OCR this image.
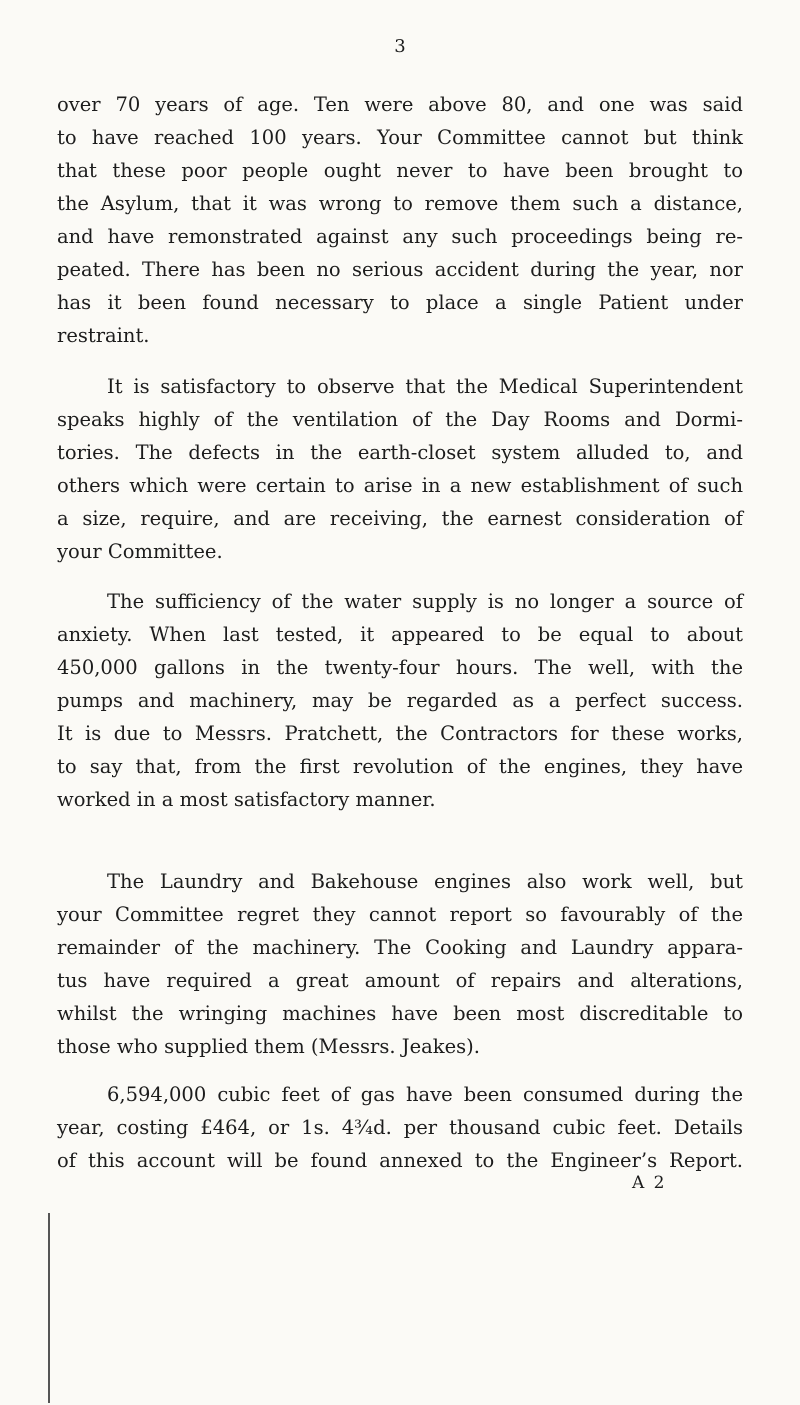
3
over 70 years of age. Ten were above 80, and one was said
to have reached 100 years. Your Committee cannot but think
that these poor people ought never to have been brought to
the Asylum, that it was wrong to remove them such a distance,
and have remonstrated against any such proceedings being re-
peated. There has been no serious accident during the year, nor
has it been found necessary to place a single Patient under
restraint.
It is satisfactory to observe that the Medical Superintendent
speaks highly of the ventilation of the Day Rooms and Dormi-
tories. The defects in the earth-closet system alluded to, and
others which were certain to arise in a new establishment of such
a size, require, and are receiving, the earnest consideration of
your Committee.
The sufficiency of the water supply is no longer a source of
anxiety. When last tested, it appeared to be equal to about
450,000 gallons in the twenty-four hours. The well, with the
pumps and machinery, may be regarded as a perfect success.
It is due to Messrs. Pratchett, the Contractors for these works,
to say that, from the first revolution of the engines, they have
worked in a most satisfactory manner.
The Laundry and Bakehouse engines also work well, but
your Committee regret they cannot report so favourably of the
remainder of the machinery. The Cooking and Laundry appara-
tus have required a great amount of repairs and alterations,
whilst the wringing machines have been most discreditable to
those who supplied them (Messrs. Jeakes).
6,594,000 cubic feet of gas have been consumed during the
year, costing £464, or 1s. 4¾d. per thousand cubic feet. Details
of this account will be found annexed to the Engineer’s Report.
A 2
